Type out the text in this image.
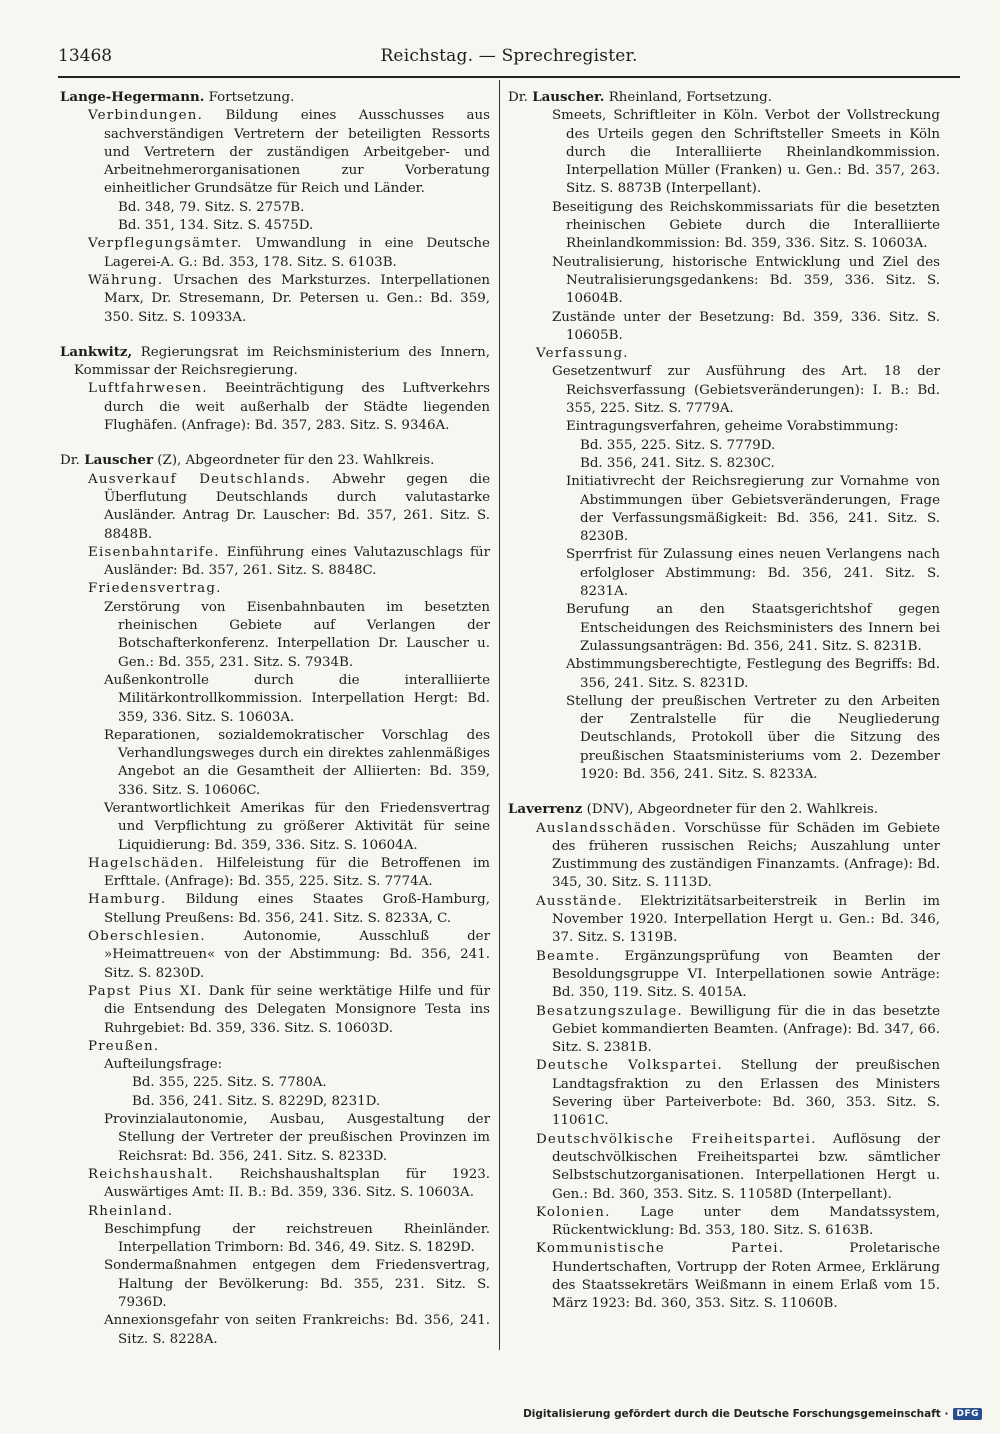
13468	Reichstag. — Sprechregister.

Lange-Hegermann. Fortsetzung.

Verbindungen. Bildung eines Ausschusses aus sachverständigen Vertretern der beteiligten Ressorts und Vertretern der zuständigen Arbeitgeber- und Arbeitnehmerorganisationen zur Vorberatung einheitlicher Grundsätze für Reich und Länder.

Bd. 348, 79. Sitz. S. 2757B.

Bd. 351, 134. Sitz. S. 4575D.

Verpflegungsämter. Umwandlung in eine Deutsche Lagerei-A. G.: Bd. 353, 178. Sitz. S. 6103B.

Währung. Ursachen des Marksturzes. Interpellationen Marx, Dr. Stresemann, Dr. Petersen u. Gen.: Bd. 359, 350. Sitz. S. 10933A.

Lankwitz, Regierungsrat im Reichsministerium des Innern, Kommissar der Reichsregierung.

Luftfahrwesen. Beeinträchtigung des Luftverkehrs durch die weit außerhalb der Städte liegenden Flughäfen. (Anfrage): Bd. 357, 283. Sitz. S. 9346A.

Dr. Lauscher (Z), Abgeordneter für den 23. Wahlkreis.

Ausverkauf Deutschlands. Abwehr gegen die Überflutung Deutschlands durch valutastarke Ausländer. Antrag Dr. Lauscher: Bd. 357, 261. Sitz. S. 8848B.

Eisenbahntarife. Einführung eines Valutazuschlags für Ausländer: Bd. 357, 261. Sitz. S. 8848C.

Friedensvertrag.

Zerstörung von Eisenbahnbauten im besetzten rheinischen Gebiete auf Verlangen der Botschafterkonferenz. Interpellation Dr. Lauscher u. Gen.: Bd. 355, 231. Sitz. S. 7934B.

Außenkontrolle durch die interalliierte Militärkontrollkommission. Interpellation Hergt: Bd. 359, 336. Sitz. S. 10603A.

Reparationen, sozialdemokratischer Vorschlag des Verhandlungsweges durch ein direktes zahlenmäßiges Angebot an die Gesamtheit der Alliierten: Bd. 359, 336. Sitz. S. 10606C.

Verantwortlichkeit Amerikas für den Friedensvertrag und Verpflichtung zu größerer Aktivität für seine Liquidierung: Bd. 359, 336. Sitz. S. 10604A.

Hagelschäden. Hilfeleistung für die Betroffenen im Erfttale. (Anfrage): Bd. 355, 225. Sitz. S. 7774A.

Hamburg. Bildung eines Staates Groß-Hamburg, Stellung Preußens: Bd. 356, 241. Sitz. S. 8233A, C.

Oberschlesien. Autonomie, Ausschluß der »Heimattreuen« von der Abstimmung: Bd. 356, 241. Sitz. S. 8230D.

Papst Pius XI. Dank für seine werktätige Hilfe und für die Entsendung des Delegaten Monsignore Testa ins Ruhrgebiet: Bd. 359, 336. Sitz. S. 10603D.

Preußen.

Aufteilungsfrage:

Bd. 355, 225. Sitz. S. 7780A.

Bd. 356, 241. Sitz. S. 8229D, 8231D.

Provinzialautonomie, Ausbau, Ausgestaltung der Stellung der Vertreter der preußischen Provinzen im Reichsrat: Bd. 356, 241. Sitz. S. 8233D.

Reichshaushalt. Reichshaushaltsplan für 1923. Auswärtiges Amt: II. B.: Bd. 359, 336. Sitz. S. 10603A.

Rheinland.

Beschimpfung der reichstreuen Rheinländer. Interpellation Trimborn: Bd. 346, 49. Sitz. S. 1829D.

Sondermaßnahmen entgegen dem Friedensvertrag, Haltung der Bevölkerung: Bd. 355, 231. Sitz. S. 7936D.

Annexionsgefahr von seiten Frankreichs: Bd. 356, 241. Sitz. S. 8228A.

Dr. Lauscher. Rheinland, Fortsetzung.

Smeets, Schriftleiter in Köln. Verbot der Vollstreckung des Urteils gegen den Schriftsteller Smeets in Köln durch die Interalliierte Rheinlandkommission. Interpellation Müller (Franken) u. Gen.: Bd. 357, 263. Sitz. S. 8873B (Interpellant).

Beseitigung des Reichskommissariats für die besetzten rheinischen Gebiete durch die Interalliierte Rheinlandkommission: Bd. 359, 336. Sitz. S. 10603A.

Neutralisierung, historische Entwicklung und Ziel des Neutralisierungsgedankens: Bd. 359, 336. Sitz. S. 10604B.

Zustände unter der Besetzung: Bd. 359, 336. Sitz. S. 10605B.

Verfassung.

Gesetzentwurf zur Ausführung des Art. 18 der Reichsverfassung (Gebietsveränderungen): I. B.: Bd. 355, 225. Sitz. S. 7779A.

Eintragungsverfahren, geheime Vorabstimmung:

Bd. 355, 225. Sitz. S. 7779D.

Bd. 356, 241. Sitz. S. 8230C.

Initiativrecht der Reichsregierung zur Vornahme von Abstimmungen über Gebietsveränderungen, Frage der Verfassungsmäßigkeit: Bd. 356, 241. Sitz. S. 8230B.

Sperrfrist für Zulassung eines neuen Verlangens nach erfolgloser Abstimmung: Bd. 356, 241. Sitz. S. 8231A.

Berufung an den Staatsgerichtshof gegen Entscheidungen des Reichsministers des Innern bei Zulassungsanträgen: Bd. 356, 241. Sitz. S. 8231B.

Abstimmungsberechtigte, Festlegung des Begriffs: Bd. 356, 241. Sitz. S. 8231D.

Stellung der preußischen Vertreter zu den Arbeiten der Zentralstelle für die Neugliederung Deutschlands, Protokoll über die Sitzung des preußischen Staatsministeriums vom 2. Dezember 1920: Bd. 356, 241. Sitz. S. 8233A.

Laverrenz (DNV), Abgeordneter für den 2. Wahlkreis.

Auslandsschäden. Vorschüsse für Schäden im Gebiete des früheren russischen Reichs; Auszahlung unter Zustimmung des zuständigen Finanzamts. (Anfrage): Bd. 345, 30. Sitz. S. 1113D.

Ausstände. Elektrizitätsarbeiterstreik in Berlin im November 1920. Interpellation Hergt u. Gen.: Bd. 346, 37. Sitz. S. 1319B.

Beamte. Ergänzungsprüfung von Beamten der Besoldungsgruppe VI. Interpellationen sowie Anträge: Bd. 350, 119. Sitz. S. 4015A.

Besatzungszulage. Bewilligung für die in das besetzte Gebiet kommandierten Beamten. (Anfrage): Bd. 347, 66. Sitz. S. 2381B.

Deutsche Volkspartei. Stellung der preußischen Landtagsfraktion zu den Erlassen des Ministers Severing über Parteiverbote: Bd. 360, 353. Sitz. S. 11061C.

Deutschvölkische Freiheitspartei. Auflösung der deutschvölkischen Freiheitspartei bzw. sämtlicher Selbstschutzorganisationen. Interpellationen Hergt u. Gen.: Bd. 360, 353. Sitz. S. 11058D (Interpellant).

Kolonien. Lage unter dem Mandatssystem, Rückentwicklung: Bd. 353, 180. Sitz. S. 6163B.

Kommunistische Partei. Proletarische Hundertschaften, Vortrupp der Roten Armee, Erklärung des Staatssekretärs Weißmann in einem Erlaß vom 15. März 1923: Bd. 360, 353. Sitz. S. 11060B.

Digitalisierung gefördert durch die Deutsche Forschungsgemeinschaft · DFG
